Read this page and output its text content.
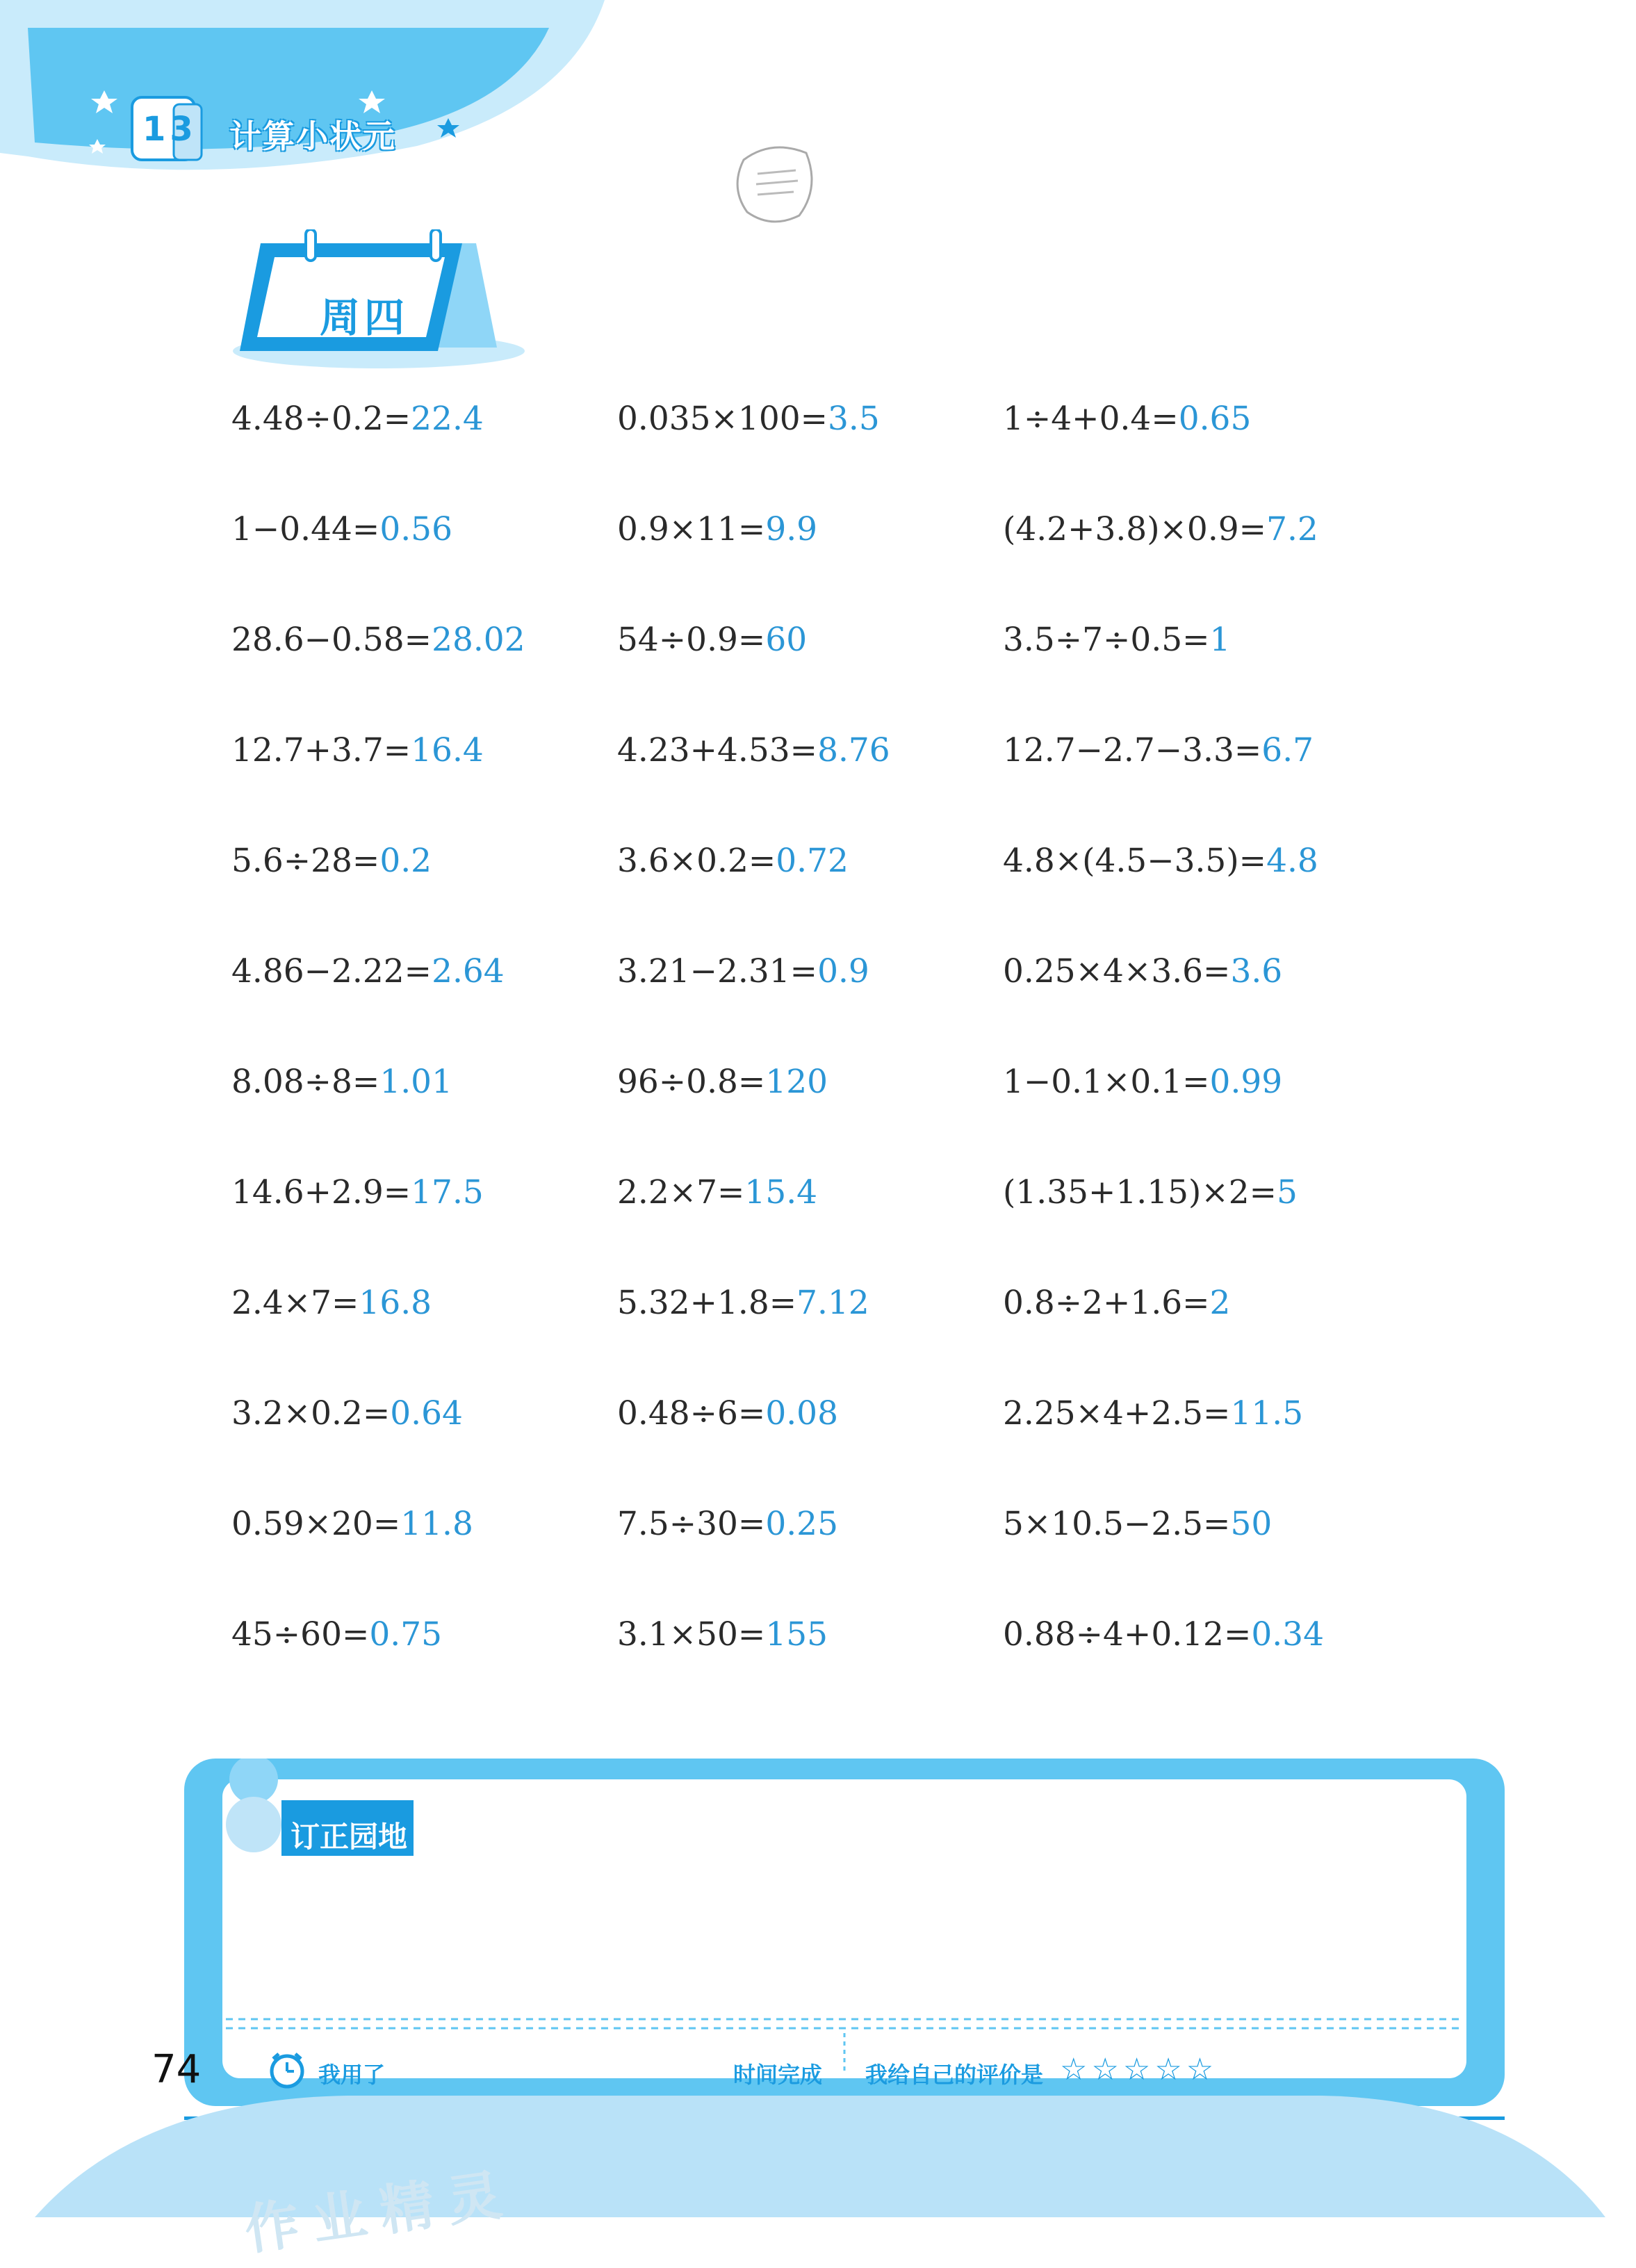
13 计算小状元
周四
4.48÷0.2=22.4	0.035×100=3.5	1÷4+0.4=0.65
1−0.44=0.56	0.9×11=9.9	(4.2+3.8)×0.9=7.2
28.6−0.58=28.02	54÷0.9=60	3.5÷7÷0.5=1
12.7+3.7=16.4	4.23+4.53=8.76	12.7−2.7−3.3=6.7
5.6÷28=0.2	3.6×0.2=0.72	4.8×(4.5−3.5)=4.8
4.86−2.22=2.64	3.21−2.31=0.9	0.25×4×3.6=3.6
8.08÷8=1.01	96÷0.8=120	1−0.1×0.1=0.99
14.6+2.9=17.5	2.2×7=15.4	(1.35+1.15)×2=5
2.4×7=16.8	5.32+1.8=7.12	0.8÷2+1.6=2
3.2×0.2=0.64	0.48÷6=0.08	2.25×4+2.5=11.5
0.59×20=11.8	7.5÷30=0.25	5×10.5−2.5=50
45÷60=0.75	3.1×50=155	0.88÷4+0.12=0.34
订正园地
我用了	时间完成 我给自己的评价是 ☆☆☆☆☆
74
作业精灵
